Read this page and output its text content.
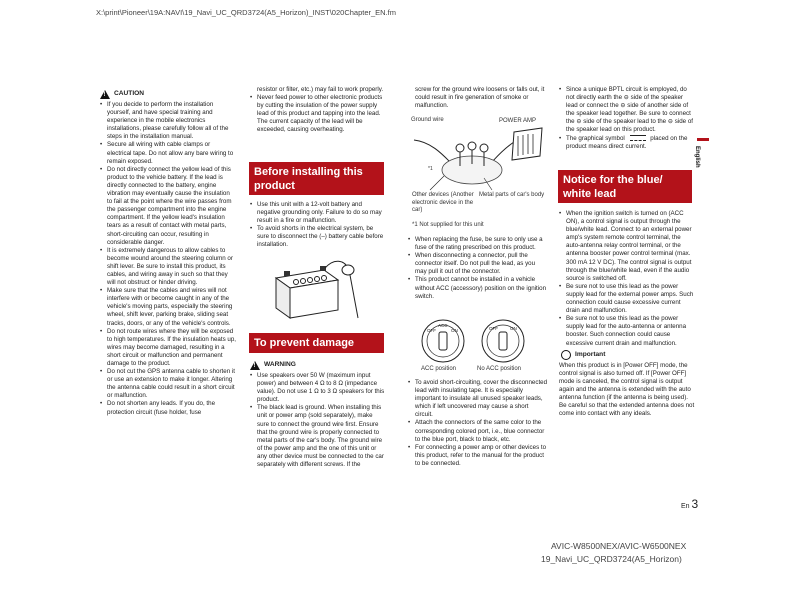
X:\print\Pioneer\19A:NAVI\19_Navi_UC_QRD3724(A5_Horizon)_INST\020Chapter_EN.fm
!
CAUTION
• If you decide to perform the installation yourself, and have special training and experience in the mobile electronics installations, please carefully follow all of the steps in the installation manual.
• Secure all wiring with cable clamps or electrical tape. Do not allow any bare wiring to remain exposed.
• Do not directly connect the yellow lead of this product to the vehicle battery. If the lead is directly connected to the battery, engine vibration may eventually cause the insulation to fail at the point where the wire passes from the passenger compartment into the engine compartment. If the yellow lead's insulation tears as a result of contact with metal parts, short-circuiting can occur, resulting in considerable danger.
• It is extremely dangerous to allow cables to become wound around the steering column or shift lever. Be sure to install this product, its cables, and wiring away in such so that they will not obstruct or hinder driving.
• Make sure that the cables and wires will not interfere with or become caught in any of the vehicle's moving parts, especially the steering wheel, shift lever, parking brake, sliding seat tracks, doors, or any of the vehicle's controls.
• Do not route wires where they will be exposed to high temperatures. If the insulation heats up, wires may become damaged, resulting in a short circuit or malfunction and permanent damage to the product.
• Do not cut the GPS antenna cable to shorten it or use an extension to make it longer. Altering the antenna cable could result in a short circuit or malfunction.
• Do not shorten any leads. If you do, the protection circuit (fuse holder, fuse

resistor or filter, etc.) may fail to work properly.

• Never feed power to other electronic products by cutting the insulation of the power supply lead of this product and tapping into the lead. The current capacity of the lead will be exceeded, causing overheating.
Before installing this product
• Use this unit with a 12-volt battery and negative grounding only. Failure to do so may result in a fire or malfunction.
• To avoid shorts in the electrical system, be sure to disconnect the (–) battery cable before installation.
To prevent damage
!
WARNING
• Use speakers over 50 W (maximum input power) and between 4 Ω to 8 Ω (impedance value). Do not use 1 Ω to 3 Ω speakers for this product.
• The black lead is ground. When installing this unit or power amp (sold separately), make sure to connect the ground wire first. Ensure that the ground wire is properly connected to metal parts of the car's body. The ground wire of the power amp and the one of this unit or any other device must be connected to the car separately with different screws. If the

screw for the ground wire loosens or falls out, it could result in fire generation of smoke or malfunction.

Ground wire	POWER AMP
*1
Other devices (Another electronic device in the car)
Metal parts of car's body
*1 Not supplied for this unit
• When replacing the fuse, be sure to only use a fuse of the rating prescribed on this product.
• When disconnecting a connector, pull the connector itself. Do not pull the lead, as you may pull it out of the connector.
• This product cannot be installed in a vehicle without ACC (accessory) position on the ignition switch.
OFF
ACC
ON	OFF	ON
ACC position	No ACC position
• To avoid short-circuiting, cover the disconnected lead with insulating tape. It is especially important to insulate all unused speaker leads, which if left uncovered may cause a short circuit.
• Attach the connectors of the same color to the corresponding colored port, i.e., blue connector to the blue port, black to black, etc.
• For connecting a power amp or other devices to this product, refer to the manual for the product to be connected.
• Since a unique BPTL circuit is employed, do not directly earth the ⊖ side of the speaker lead or connect the ⊖ side of another side of the speaker lead together. Be sure to connect the ⊖ side of the speaker lead to the ⊖ side of the speaker lead on this product.
• The graphical symbol	placed on the product means direct current.
Notice for the blue/ white lead
• When the ignition switch is turned on (ACC ON), a control signal is output through the blue/white lead. Connect to an external power amp's system remote control terminal, the auto-antenna relay control terminal, or the antenna booster power control terminal (max. 300 mA 12 V DC). The control signal is output through the blue/white lead, even if the audio source is switched off.
• Be sure not to use this lead as the power supply lead for the external power amps. Such connection could cause excessive current drain and malfunction.
• Be sure not to use this lead as the power supply lead for the auto-antenna or antenna booster. Such connection could cause excessive current drain and malfunction.
Important

When this product is in [Power OFF] mode, the control signal is also turned off. If [Power OFF] mode is canceled, the control signal is output again and the antenna is extended with the auto antenna function (if the antenna is being used). Be careful so that the extended antenna does not come into contact with any ideals.

English
En 3
AVIC-W8500NEX/AVIC-W6500NEX
19_Navi_UC_QRD3724(A5_Horizon)
